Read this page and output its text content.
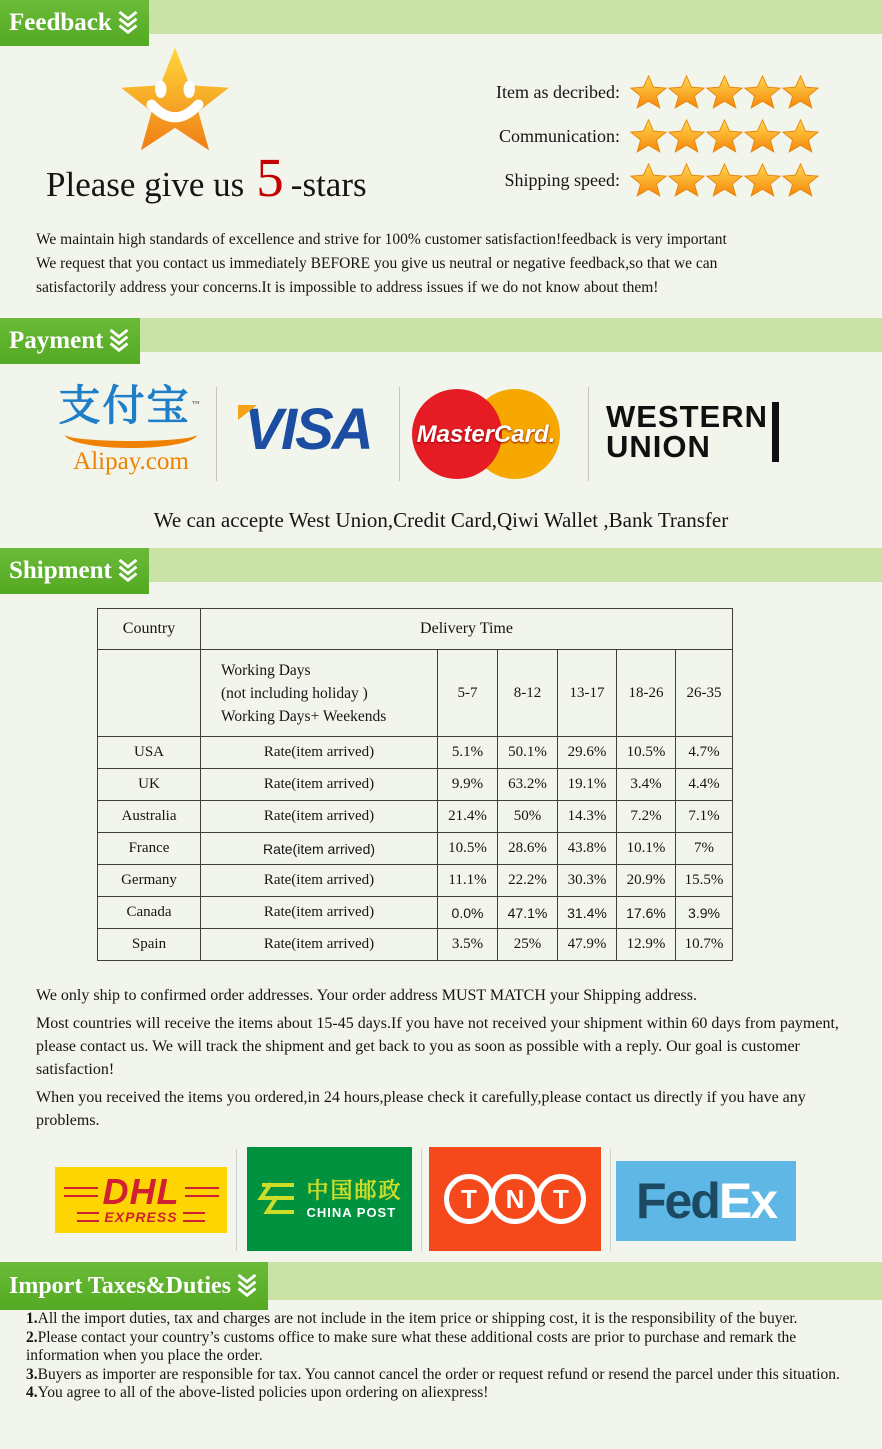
Feedback
Please give us 5 -stars
Item as decribed:
Communication:
Shipping speed:
We maintain high standards of excellence and strive for 100% customer satisfaction!feedback is very important
We request that you contact us immediately BEFORE you give us neutral or negative feedback,so that we can
satisfactorily address your concerns.It is impossible to address issues if we do not know about them!
Payment
支付宝™
Alipay.com VISA	MasterCard.
WESTERN
UNION
We can accepte West Union,Credit Card,Qiwi Wallet ,Bank Transfer
Shipment
Country	Delivery Time					

	Working Days
(not including holiday )
Working Days+ Weekends	5-7	8-12	13-17	18-26	26-35
USA	Rate(item arrived)	5.1%	50.1%	29.6%	10.5%	4.7%
UK	Rate(item arrived)	9.9%	63.2%	19.1%	3.4%	4.4%
Australia	Rate(item arrived)	21.4%	50%	14.3%	7.2%	7.1%
France	Rate(item arrived)	10.5%	28.6%	43.8%	10.1%	7%
Germany	Rate(item arrived)	11.1%	22.2%	30.3%	20.9%	15.5%
Canada	Rate(item arrived)	0.0%	47.1%	31.4%	17.6%	3.9%
Spain	Rate(item arrived)	3.5%	25%	47.9%	12.9%	10.7%

We only ship to confirmed order addresses. Your order address MUST MATCH your Shipping address.

Most countries will receive the items about 15-45 days.If you have not received your shipment within 60 days from payment, please contact us. We will track the shipment and get back to you as soon as possible with a reply. Our goal is customer satisfaction!

When you received the items you ordered,in 24 hours,please check it carefully,please contact us directly if you have any problems.

DHL
EXPRESS
中国邮政
CHINA POST T N T Fed Ex
Import Taxes&Duties

1.All the import duties, tax and charges are not include in the item price or shipping cost, it is the responsibility of the buyer.

2.Please contact your country’s customs office to make sure what these additional costs are prior to purchase and remark the information when you place the order.

3.Buyers as importer are responsible for tax. You cannot cancel the order or request refund or resend the parcel under this situation.

4.You agree to all of the above-listed policies upon ordering on aliexpress!
